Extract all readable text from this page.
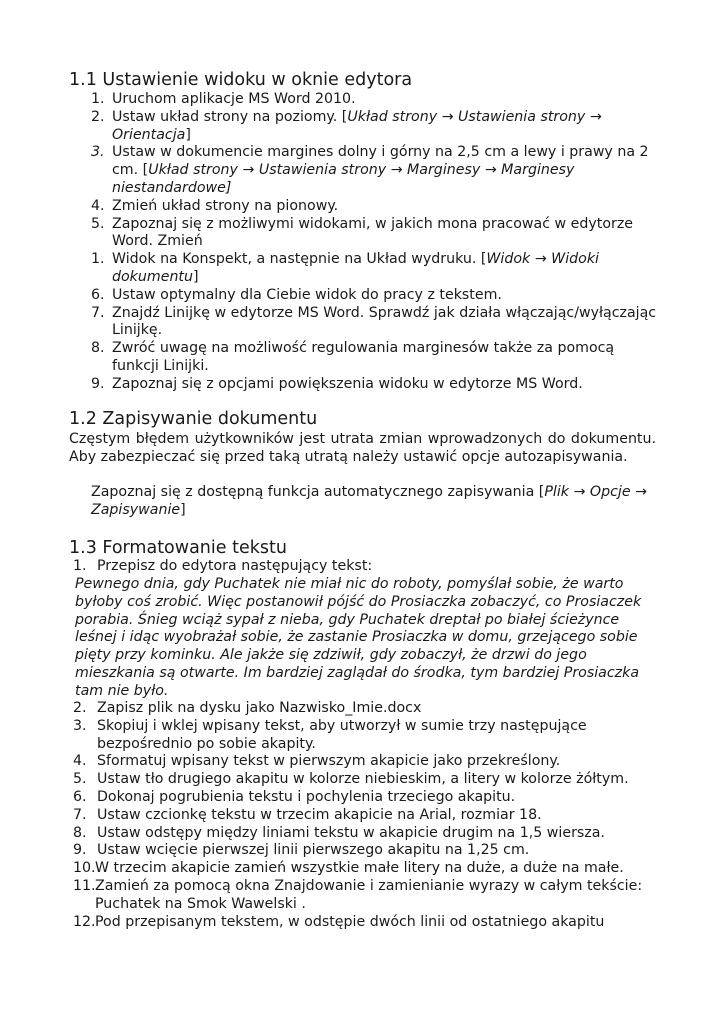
1.1 Ustawienie widoku w oknie edytora
1. Uruchom aplikacje MS Word 2010.
2. Ustaw układ strony na poziomy. [Układ strony → Ustawienia strony → Orientacja]
3. Ustaw w dokumencie margines dolny i górny na 2,5 cm a lewy i prawy na 2 cm. [Układ strony → Ustawienia strony → Marginesy → Marginesy niestandardowe]
4. Zmień układ strony na pionowy.
5. Zapoznaj się z możliwymi widokami, w jakich mona pracować w edytorze Word. Zmień
1. Widok na Konspekt, a następnie na Układ wydruku. [Widok → Widoki dokumentu]
6. Ustaw optymalny dla Ciebie widok do pracy z tekstem.
7. Znajdź Linijkę w edytorze MS Word. Sprawdź jak działa włączając/wyłączając Linijkę.
8. Zwróć uwagę na możliwość regulowania marginesów także za pomocą funkcji Linijki.
9. Zapoznaj się z opcjami powiększenia widoku w edytorze MS Word.
1.2 Zapisywanie dokumentu
Częstym błędem użytkowników jest utrata zmian wprowadzonych do dokumentu. Aby zabezpieczać się przed taką utratą należy ustawić opcje autozapisywania.
Zapoznaj się z dostępną funkcja automatycznego zapisywania [Plik → Opcje → Zapisywanie]
1.3 Formatowanie tekstu
1. Przepisz do edytora następujący tekst:
Pewnego dnia, gdy Puchatek nie miał nic do roboty, pomyślał sobie, że warto byłoby coś zrobić. Więc postanowił pójść do Prosiaczka zobaczyć, co Prosiaczek porabia. Śnieg wciąż sypał z nieba, gdy Puchatek dreptał po białej ścieżynce leśnej i idąc wyobrażał sobie, że zastanie Prosiaczka w domu, grzejącego sobie pięty przy kominku. Ale jakże się zdziwił, gdy zobaczył, że drzwi do jego mieszkania są otwarte. Im bardziej zaglądał do środka, tym bardziej Prosiaczka tam nie było.
2. Zapisz plik na dysku jako Nazwisko_Imie.docx
3. Skopiuj i wklej wpisany tekst, aby utworzył w sumie trzy następujące bezpośrednio po sobie akapity.
4. Sformatuj wpisany tekst w pierwszym akapicie jako przekreślony.
5. Ustaw tło drugiego akapitu w kolorze niebieskim, a litery w kolorze żółtym.
6. Dokonaj pogrubienia tekstu i pochylenia trzeciego akapitu.
7. Ustaw czcionkę tekstu w trzecim akapicie na Arial, rozmiar 18.
8. Ustaw odstępy między liniami tekstu w akapicie drugim na 1,5 wiersza.
9. Ustaw wcięcie pierwszej linii pierwszego akapitu na 1,25 cm.
10. W trzecim akapicie zamień wszystkie małe litery na duże, a duże na małe.
11. Zamień za pomocą okna Znajdowanie i zamienianie wyrazy w całym tekście: Puchatek na Smok Wawelski .
12. Pod przepisanym tekstem, w odstępie dwóch linii od ostatniego akapitu
